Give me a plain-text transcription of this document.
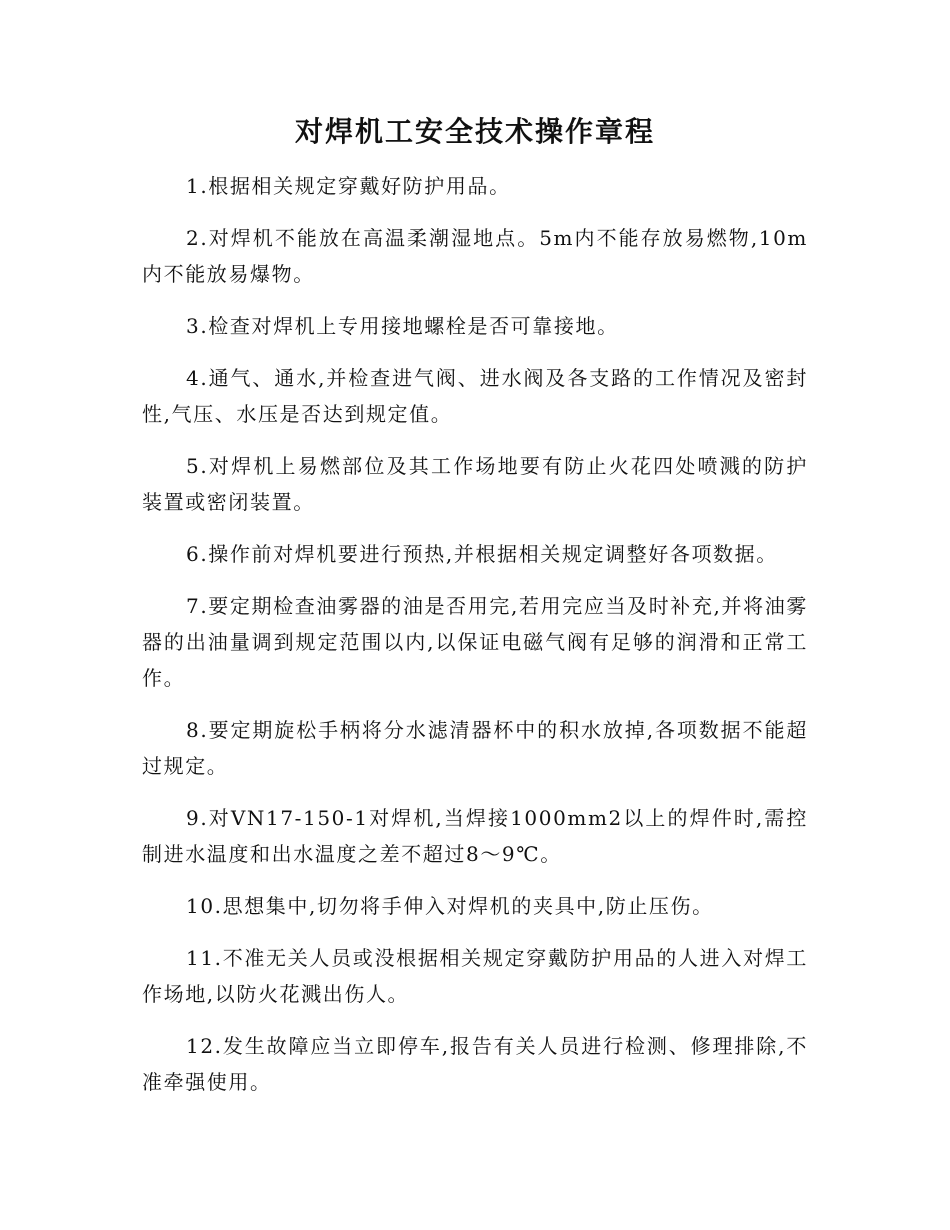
对焊机工安全技术操作章程

1.根据相关规定穿戴好防护用品。

2.对焊机不能放在高温柔潮湿地点。5m内不能存放易燃物,10m内不能放易爆物。

3.检查对焊机上专用接地螺栓是否可靠接地。

4.通气、通水,并检查进气阀、进水阀及各支路的工作情况及密封性,气压、水压是否达到规定值。

5.对焊机上易燃部位及其工作场地要有防止火花四处喷溅的防护装置或密闭装置。

6.操作前对焊机要进行预热,并根据相关规定调整好各项数据。

7.要定期检查油雾器的油是否用完,若用完应当及时补充,并将油雾器的出油量调到规定范围以内,以保证电磁气阀有足够的润滑和正常工作。

8.要定期旋松手柄将分水滤清器杯中的积水放掉,各项数据不能超过规定。

9.对VN17-150-1对焊机,当焊接1000mm2以上的焊件时,需控制进水温度和出水温度之差不超过8～9℃。

10.思想集中,切勿将手伸入对焊机的夹具中,防止压伤。

11.不准无关人员或没根据相关规定穿戴防护用品的人进入对焊工作场地,以防火花溅出伤人。

12.发生故障应当立即停车,报告有关人员进行检测、修理排除,不准牵强使用。
